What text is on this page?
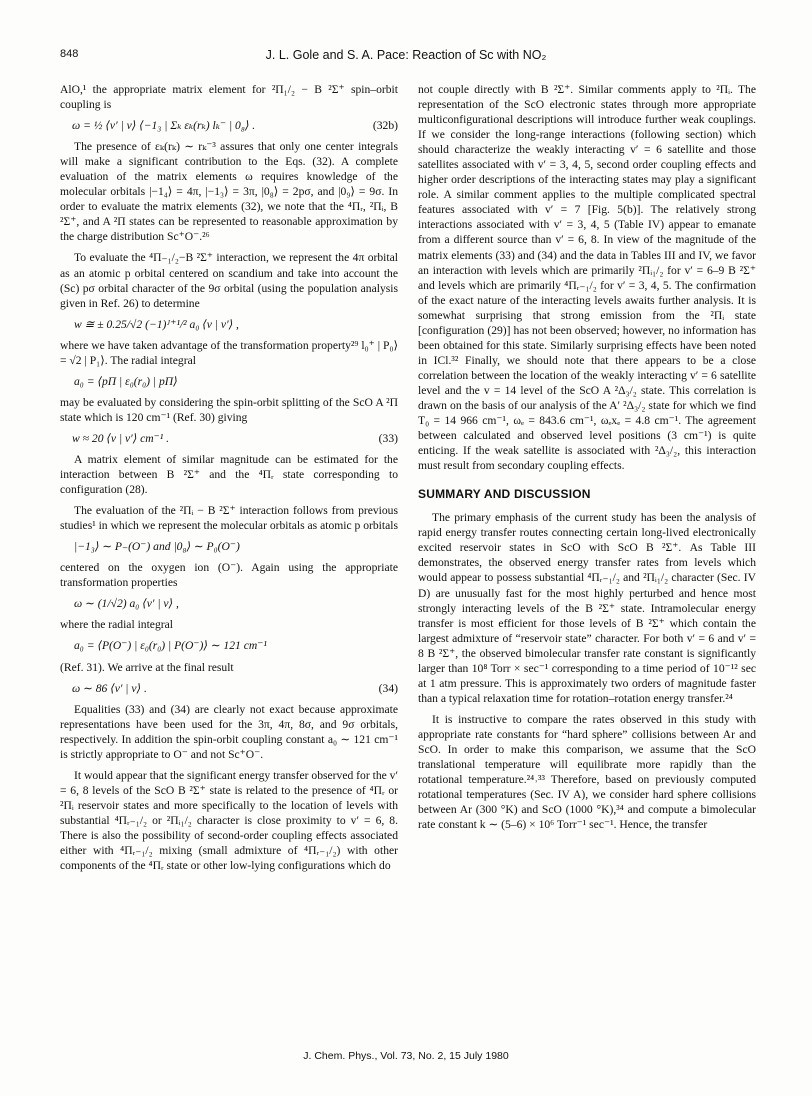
848	J. L. Gole and S. A. Pace: Reaction of Sc with NO₂

AlO,¹ the appropriate matrix element for ²Π₁/₂ − B ²Σ⁺ spin–orbit coupling is

ω = ½ ⟨v′ | v⟩ ⟨−1₃ | Σₖ εₖ(rₖ) lₖ⁻ | 0₈⟩ .	(32b)

The presence of εₖ(rₖ) ∼ rₖ⁻³ assures that only one center integrals will make a significant contribution to the Eqs. (32). A complete evaluation of the matrix elements ω requires knowledge of the molecular orbitals |−1₄⟩ = 4π, |−1₃⟩ = 3π, |0₈⟩ = 2pσ, and |0₉⟩ = 9σ. In order to evaluate the matrix elements (32), we note that the ⁴Πᵣ, ²Πᵢ, B ²Σ⁺, and A ²Π states can be represented to reasonable approximation by the charge distribution Sc⁺O⁻.²⁶

To evaluate the ⁴Π₋₁/₂−B ²Σ⁺ interaction, we represent the 4π orbital as an atomic p orbital centered on scandium and take into account the (Sc) pσ orbital character of the 9σ orbital (using the population analysis given in Ref. 26) to determine

w ≅ ± 0.25/√2 (−1)ᴶ⁺¹/² a₀ ⟨v | v′⟩ ,

where we have taken advantage of the transformation property²⁹ l₀⁺ | P₀⟩ = √2 | P₁⟩. The radial integral

a₀ = ⟨pΠ | ε₀(r₀) | pΠ⟩

may be evaluated by considering the spin-orbit splitting of the ScO A ²Π state which is 120 cm⁻¹ (Ref. 30) giving

w ≈ 20 ⟨v | v′⟩ cm⁻¹ .	(33)

A matrix element of similar magnitude can be estimated for the interaction between B ²Σ⁺ and the ⁴Πᵣ state corresponding to configuration (28).

The evaluation of the ²Πᵢ − B ²Σ⁺ interaction follows from previous studies¹ in which we represent the molecular orbitals as atomic p orbitals

|−1₃⟩ ∼ P₋(O⁻) and |0₈⟩ ∼ P₀(O⁻)

centered on the oxygen ion (O⁻). Again using the appropriate transformation properties

ω ∼ (1/√2) a₀ ⟨v′ | v⟩ ,

where the radial integral

a₀ = ⟨P(O⁻) | ε₀(r₀) | P(O⁻)⟩ ∼ 121 cm⁻¹

(Ref. 31). We arrive at the final result

ω ∼ 86 ⟨v′ | v⟩ .	(34)

Equalities (33) and (34) are clearly not exact because approximate representations have been used for the 3π, 4π, 8σ, and 9σ orbitals, respectively. In addition the spin-orbit coupling constant a₀ ∼ 121 cm⁻¹ is strictly appropriate to O⁻ and not Sc⁺O⁻.

It would appear that the significant energy transfer observed for the v′ = 6, 8 levels of the ScO B ²Σ⁺ state is related to the presence of ⁴Πᵣ or ²Πᵢ reservoir states and more specifically to the location of levels with substantial ⁴Πᵣ₋₁/₂ or ²Πᵢ₁/₂ character is close proximity to v′ = 6, 8. There is also the possibility of second-order coupling effects associated either with ⁴Πᵣ₋₁/₂ mixing (small admixture of ⁴Πᵣ₋₁/₂) with other components of the ⁴Πᵣ state or other low-lying configurations which do

not couple directly with B ²Σ⁺. Similar comments apply to ²Πᵢ. The representation of the ScO electronic states through more appropriate multiconfigurational descriptions will introduce further weak couplings. If we consider the long-range interactions (following section) which should characterize the weakly interacting v′ = 6 satellite and those satellites associated with v′ = 3, 4, 5, second order coupling effects and higher order descriptions of the interacting states may play a significant role. A similar comment applies to the multiple complicated spectral features associated with v′ = 7 [Fig. 5(b)]. The relatively strong interactions associated with v′ = 3, 4, 5 (Table IV) appear to emanate from a different source than v′ = 6, 8. In view of the magnitude of the matrix elements (33) and (34) and the data in Tables III and IV, we favor an interaction with levels which are primarily ²Πᵢ₁/₂ for v′ = 6–9 B ²Σ⁺ and levels which are primarily ⁴Πᵣ₋₁/₂ for v′ = 3, 4, 5. The confirmation of the exact nature of the interacting levels awaits further analysis. It is somewhat surprising that strong emission from the ²Πᵢ state [configuration (29)] has not been observed; however, no information has been obtained for this state. Similarly surprising effects have been noted in ICl.³² Finally, we should note that there appears to be a close correlation between the location of the weakly interacting v′ = 6 satellite level and the v = 14 level of the ScO A ²Δ₃/₂ state. This correlation is drawn on the basis of our analysis of the A′ ²Δ₃/₂ state for which we find T₀ = 14 966 cm⁻¹, ωₑ = 843.6 cm⁻¹, ωₑxₑ = 4.8 cm⁻¹. The agreement between calculated and observed level positions (3 cm⁻¹) is quite enticing. If the weak satellite is associated with ²Δ₃/₂, this interaction must result from secondary coupling effects.

SUMMARY AND DISCUSSION

The primary emphasis of the current study has been the analysis of rapid energy transfer routes connecting certain long-lived electronically excited reservoir states in ScO with ScO B ²Σ⁺. As Table III demonstrates, the observed energy transfer rates from levels which would appear to possess substantial ⁴Πᵣ₋₁/₂ and ²Πᵢ₁/₂ character (Sec. IV D) are unusually fast for the most highly perturbed and hence most strongly interacting levels of the B ²Σ⁺ state. Intramolecular energy transfer is most efficient for those levels of B ²Σ⁺ which contain the largest admixture of “reservoir state” character. For both v′ = 6 and v′ = 8 B ²Σ⁺, the observed bimolecular transfer rate constant is significantly larger than 10⁸ Torr × sec⁻¹ corresponding to a time period of 10⁻¹² sec at 1 atm pressure. This is approximately two orders of magnitude faster than a typical relaxation time for rotation–rotation energy transfer.²⁴

It is instructive to compare the rates observed in this study with appropriate rate constants for “hard sphere” collisions between Ar and ScO. In order to make this comparison, we assume that the ScO translational temperature will equilibrate more rapidly than the rotational temperature.²⁴˒³³ Therefore, based on previously computed rotational temperatures (Sec. IV A), we consider hard sphere collisions between Ar (300 °K) and ScO (1000 °K),³⁴ and compute a bimolecular rate constant k ∼ (5–6) × 10⁶ Torr⁻¹ sec⁻¹. Hence, the transfer

J. Chem. Phys., Vol. 73, No. 2, 15 July 1980
